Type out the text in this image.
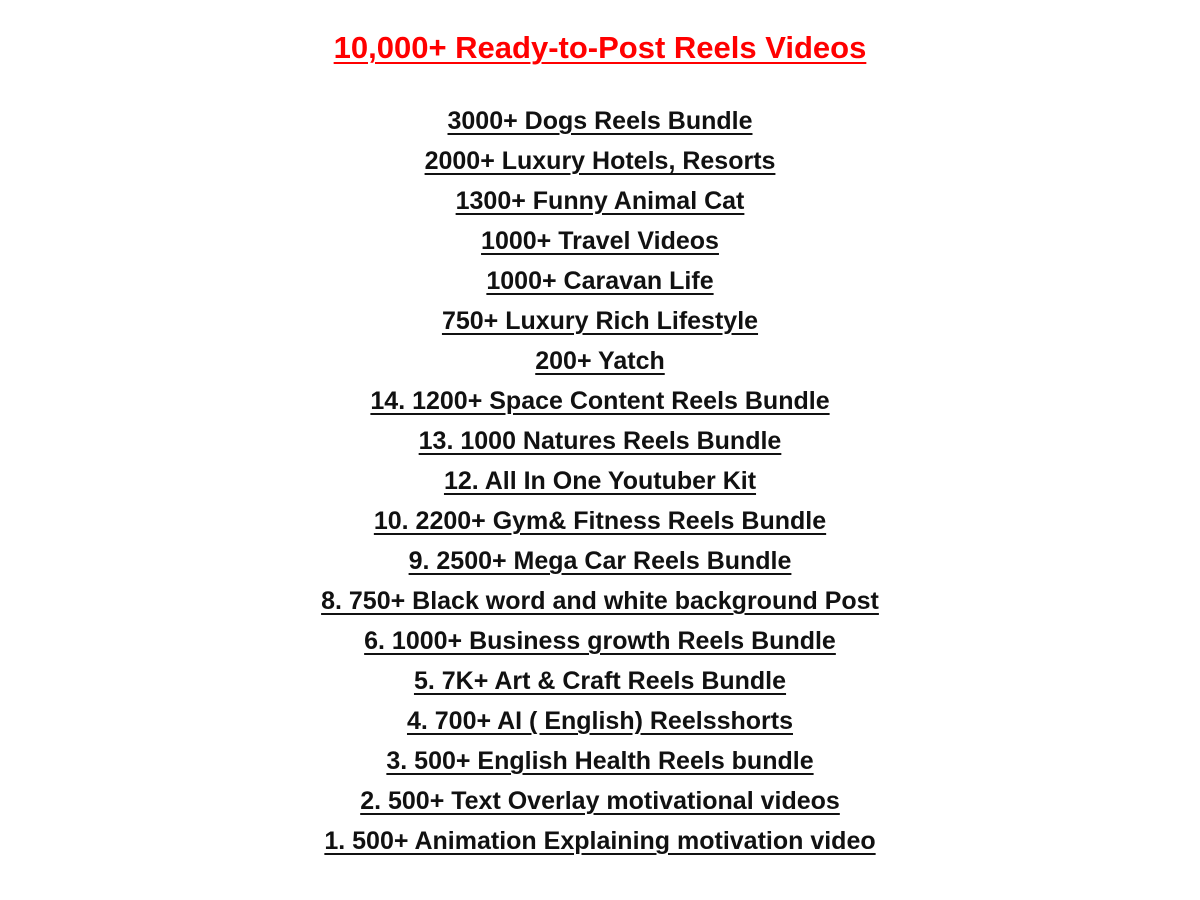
10,000+ Ready-to-Post Reels Videos
3000+ Dogs Reels Bundle
2000+ Luxury Hotels, Resorts
1300+ Funny Animal Cat
1000+ Travel Videos
1000+ Caravan Life
750+ Luxury Rich Lifestyle
200+ Yatch
14. 1200+ Space Content Reels Bundle
13. 1000 Natures Reels Bundle
12. All In One Youtuber Kit
10. 2200+ Gym& Fitness Reels Bundle
9. 2500+ Mega Car Reels Bundle
8. 750+ Black word and white background Post
6. 1000+ Business growth Reels Bundle
5. 7K+ Art & Craft Reels Bundle
4. 700+ AI ( English) Reelsshorts
3. 500+ English Health Reels bundle
2. 500+ Text Overlay motivational videos
1. 500+ Animation Explaining motivation video
